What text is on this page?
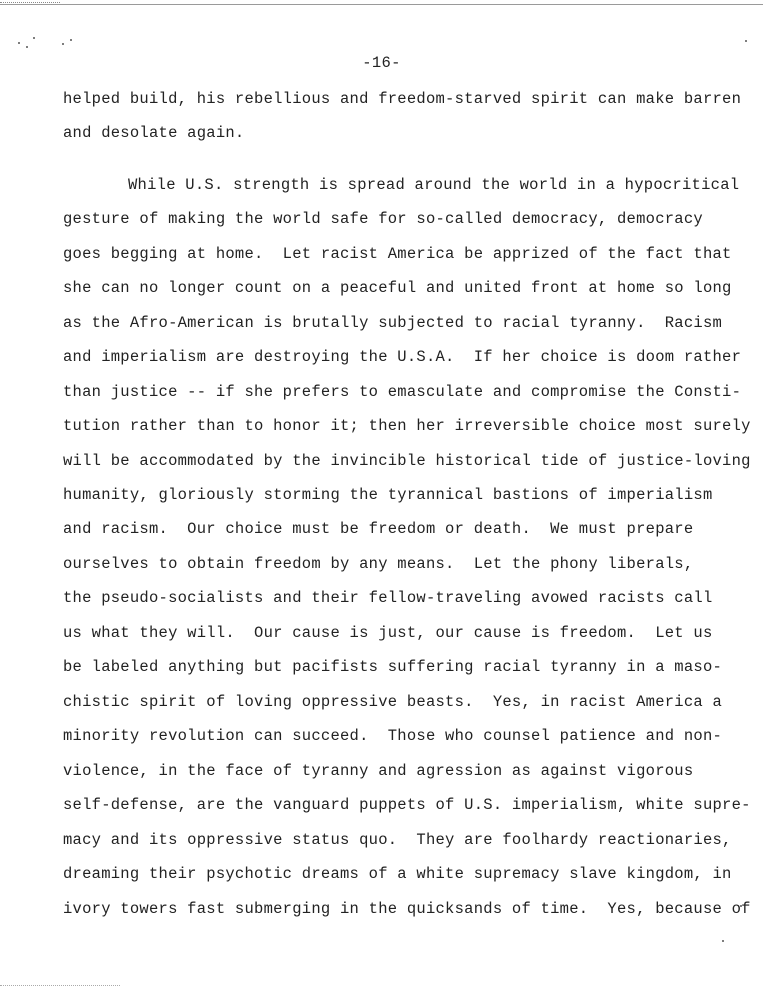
-16-
helped build, his rebellious and freedom-starved spirit can make barren
and desolate again.
While U.S. strength is spread around the world in a hypocritical
gesture of making the world safe for so-called democracy, democracy
goes begging at home.  Let racist America be apprized of the fact that
she can no longer count on a peaceful and united front at home so long
as the Afro-American is brutally subjected to racial tyranny.  Racism
and imperialism are destroying the U.S.A.  If her choice is doom rather
than justice -- if she prefers to emasculate and compromise the Consti-
tution rather than to honor it; then her irreversible choice most surely
will be accommodated by the invincible historical tide of justice-loving
humanity, gloriously storming the tyrannical bastions of imperialism
and racism.  Our choice must be freedom or death.  We must prepare
ourselves to obtain freedom by any means.  Let the phony liberals,
the pseudo-socialists and their fellow-traveling avowed racists call
us what they will.  Our cause is just, our cause is freedom.  Let us
be labeled anything but pacifists suffering racial tyranny in a maso-
chistic spirit of loving oppressive beasts.  Yes, in racist America a
minority revolution can succeed.  Those who counsel patience and non-
violence, in the face of tyranny and agression as against vigorous
self-defense, are the vanguard puppets of U.S. imperialism, white supre-
macy and its oppressive status quo.  They are foolhardy reactionaries,
dreaming their psychotic dreams of a white supremacy slave kingdom, in
ivory towers fast submerging in the quicksands of time.  Yes, because of
